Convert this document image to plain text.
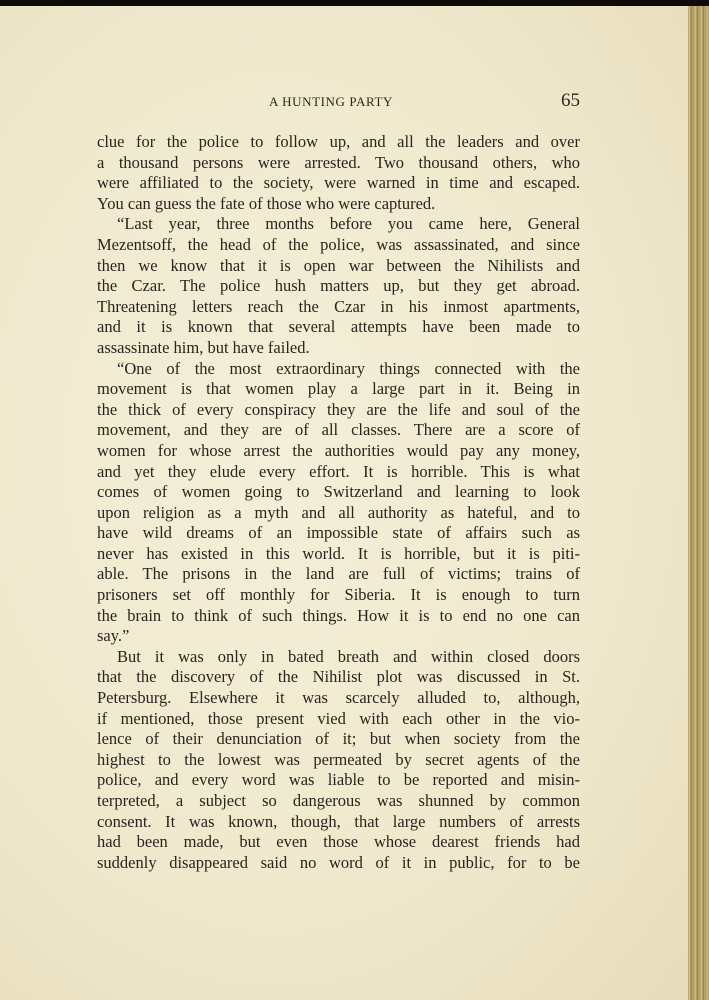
A HUNTING PARTY	65
clue for the police to follow up, and all the leaders and over
a thousand persons were arrested. Two thousand others, who
were affiliated to the society, were warned in time and escaped.
You can guess the fate of those who were captured.
“Last year, three months before you came here, General
Mezentsoff, the head of the police, was assassinated, and since
then we know that it is open war between the Nihilists and
the Czar. The police hush matters up, but they get abroad.
Threatening letters reach the Czar in his inmost apartments,
and it is known that several attempts have been made to
assassinate him, but have failed.
“One of the most extraordinary things connected with the
movement is that women play a large part in it. Being in
the thick of every conspiracy they are the life and soul of the
movement, and they are of all classes. There are a score of
women for whose arrest the authorities would pay any money,
and yet they elude every effort. It is horrible. This is what
comes of women going to Switzerland and learning to look
upon religion as a myth and all authority as hateful, and to
have wild dreams of an impossible state of affairs such as
never has existed in this world. It is horrible, but it is piti-
able. The prisons in the land are full of victims; trains of
prisoners set off monthly for Siberia. It is enough to turn
the brain to think of such things. How it is to end no one can
say.”
But it was only in bated breath and within closed doors
that the discovery of the Nihilist plot was discussed in St.
Petersburg. Elsewhere it was scarcely alluded to, although,
if mentioned, those present vied with each other in the vio-
lence of their denunciation of it; but when society from the
highest to the lowest was permeated by secret agents of the
police, and every word was liable to be reported and misin-
terpreted, a subject so dangerous was shunned by common
consent. It was known, though, that large numbers of arrests
had been made, but even those whose dearest friends had
suddenly disappeared said no word of it in public, for to be
